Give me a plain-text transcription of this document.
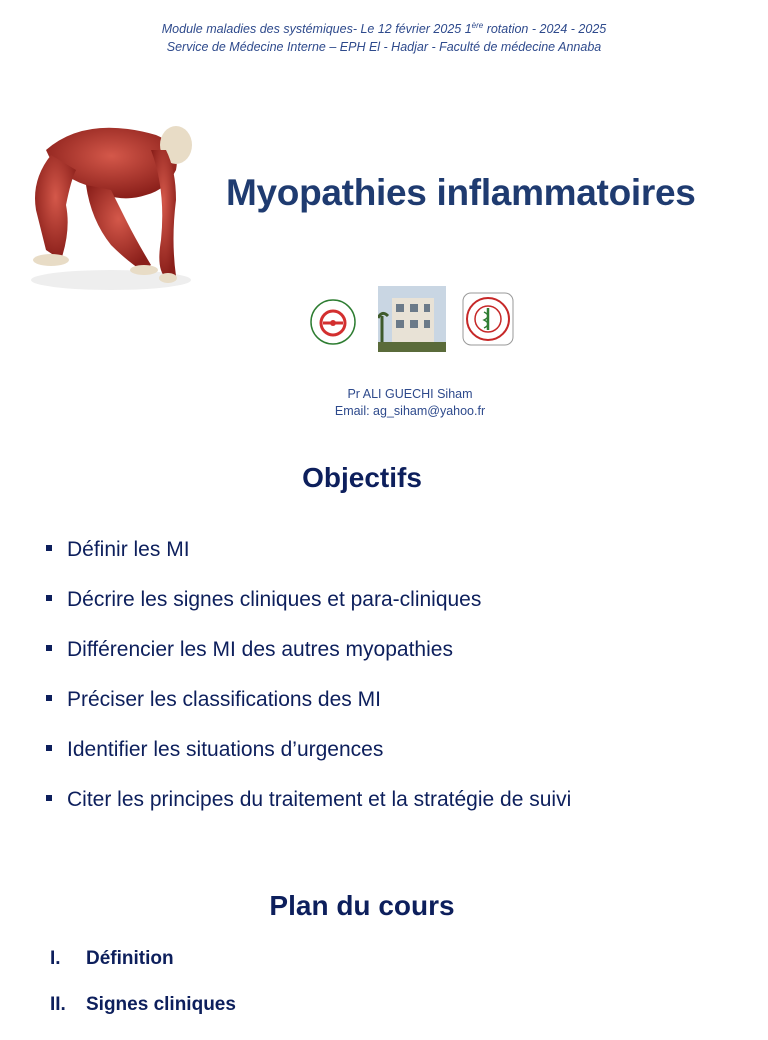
Module maladies des systémiques- Le 12 février 2025 1ère rotation - 2024 - 2025
Service de Médecine Interne – EPH El - Hadjar - Faculté de médecine Annaba
Myopathies inflammatoires
Pr ALI GUECHI Siham
Email: ag_siham@yahoo.fr
Objectifs
Définir les MI
Décrire les signes cliniques et para-cliniques
Différencier les MI des autres myopathies
Préciser les classifications des MI
Identifier les situations d’urgences
Citer les principes du traitement et la stratégie de suivi
Plan du cours
I. Définition
II. Signes cliniques
